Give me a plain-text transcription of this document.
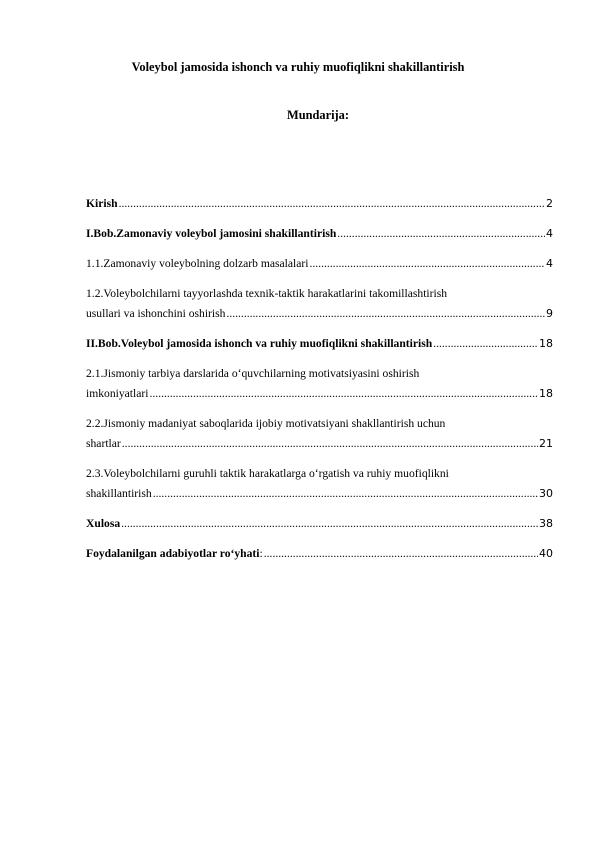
Voleybol jamosida ishonch va ruhiy muofiqlikni shakillantirish
Mundarija:
Kirish .....	2
I.Bob.Zamonaviy voleybol jamosini shakillantirish .....	4
1.1.Zamonaviy voleybolning dolzarb masalalari .....	4
1.2.Voleybolchilarni tayyorlashda texnik-taktik harakatlarini takomillashtirish
usullari va ishonchini oshirish .....	9
II.Bob.Voleybol jamosida ishonch va ruhiy muofiqlikni shakillantirish .....	18
2.1.Jismoniy tarbiya darslarida o‘quvchilarning motivatsiyasini oshirish
imkoniyatlari .....	18
2.2.Jismoniy madaniyat saboqlarida ijobiy motivatsiyani shakllantirish uchun
shartlar .....	21
2.3.Voleybolchilarni guruhli taktik harakatlarga o‘rgatish va ruhiy muofiqlikni
shakillantirish .....	30
Xulosa .....	38
Foydalanilgan adabiyotlar ro‘yhati : .....	40
